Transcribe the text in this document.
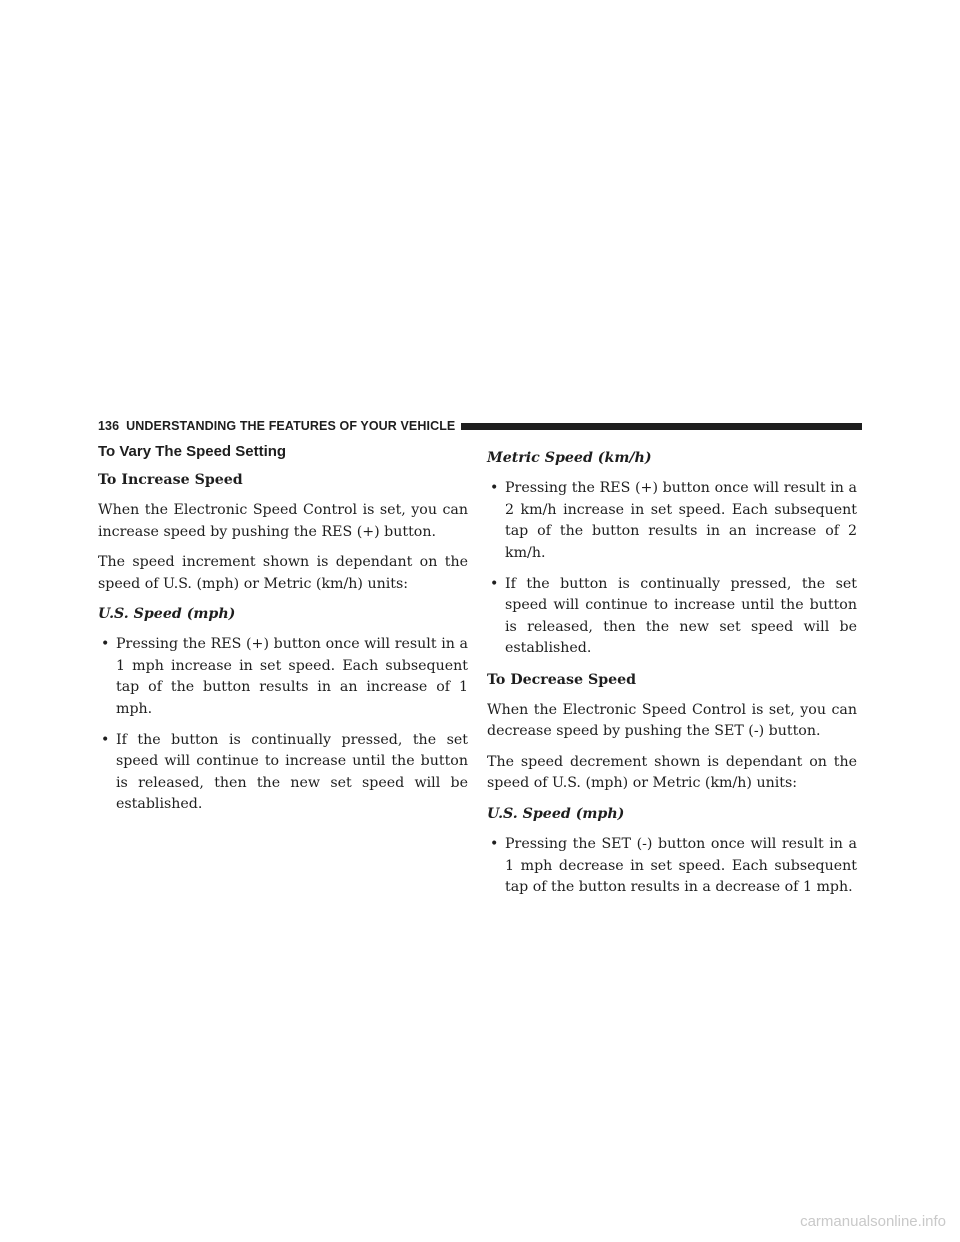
136 UNDERSTANDING THE FEATURES OF YOUR VEHICLE
To Vary The Speed Setting
To Increase Speed

When the Electronic Speed Control is set, you can increase speed by pushing the RES (+) button.

The speed increment shown is dependant on the speed of U.S. (mph) or Metric (km/h) units:

U.S. Speed (mph)
• Pressing the RES (+) button once will result in a 1 mph increase in set speed. Each subsequent tap of the button results in an increase of 1 mph.
• If the button is continually pressed, the set speed will continue to increase until the button is released, then the new set speed will be established.
Metric Speed (km/h)
• Pressing the RES (+) button once will result in a 2 km/h increase in set speed. Each subsequent tap of the button results in an increase of 2 km/h.
• If the button is continually pressed, the set speed will continue to increase until the button is released, then the new set speed will be established.
To Decrease Speed

When the Electronic Speed Control is set, you can decrease speed by pushing the SET (-) button.

The speed decrement shown is dependant on the speed of U.S. (mph) or Metric (km/h) units:

U.S. Speed (mph)
• Pressing the SET (-) button once will result in a 1 mph decrease in set speed. Each subsequent tap of the button results in a decrease of 1 mph.
carmanualsonline.info
